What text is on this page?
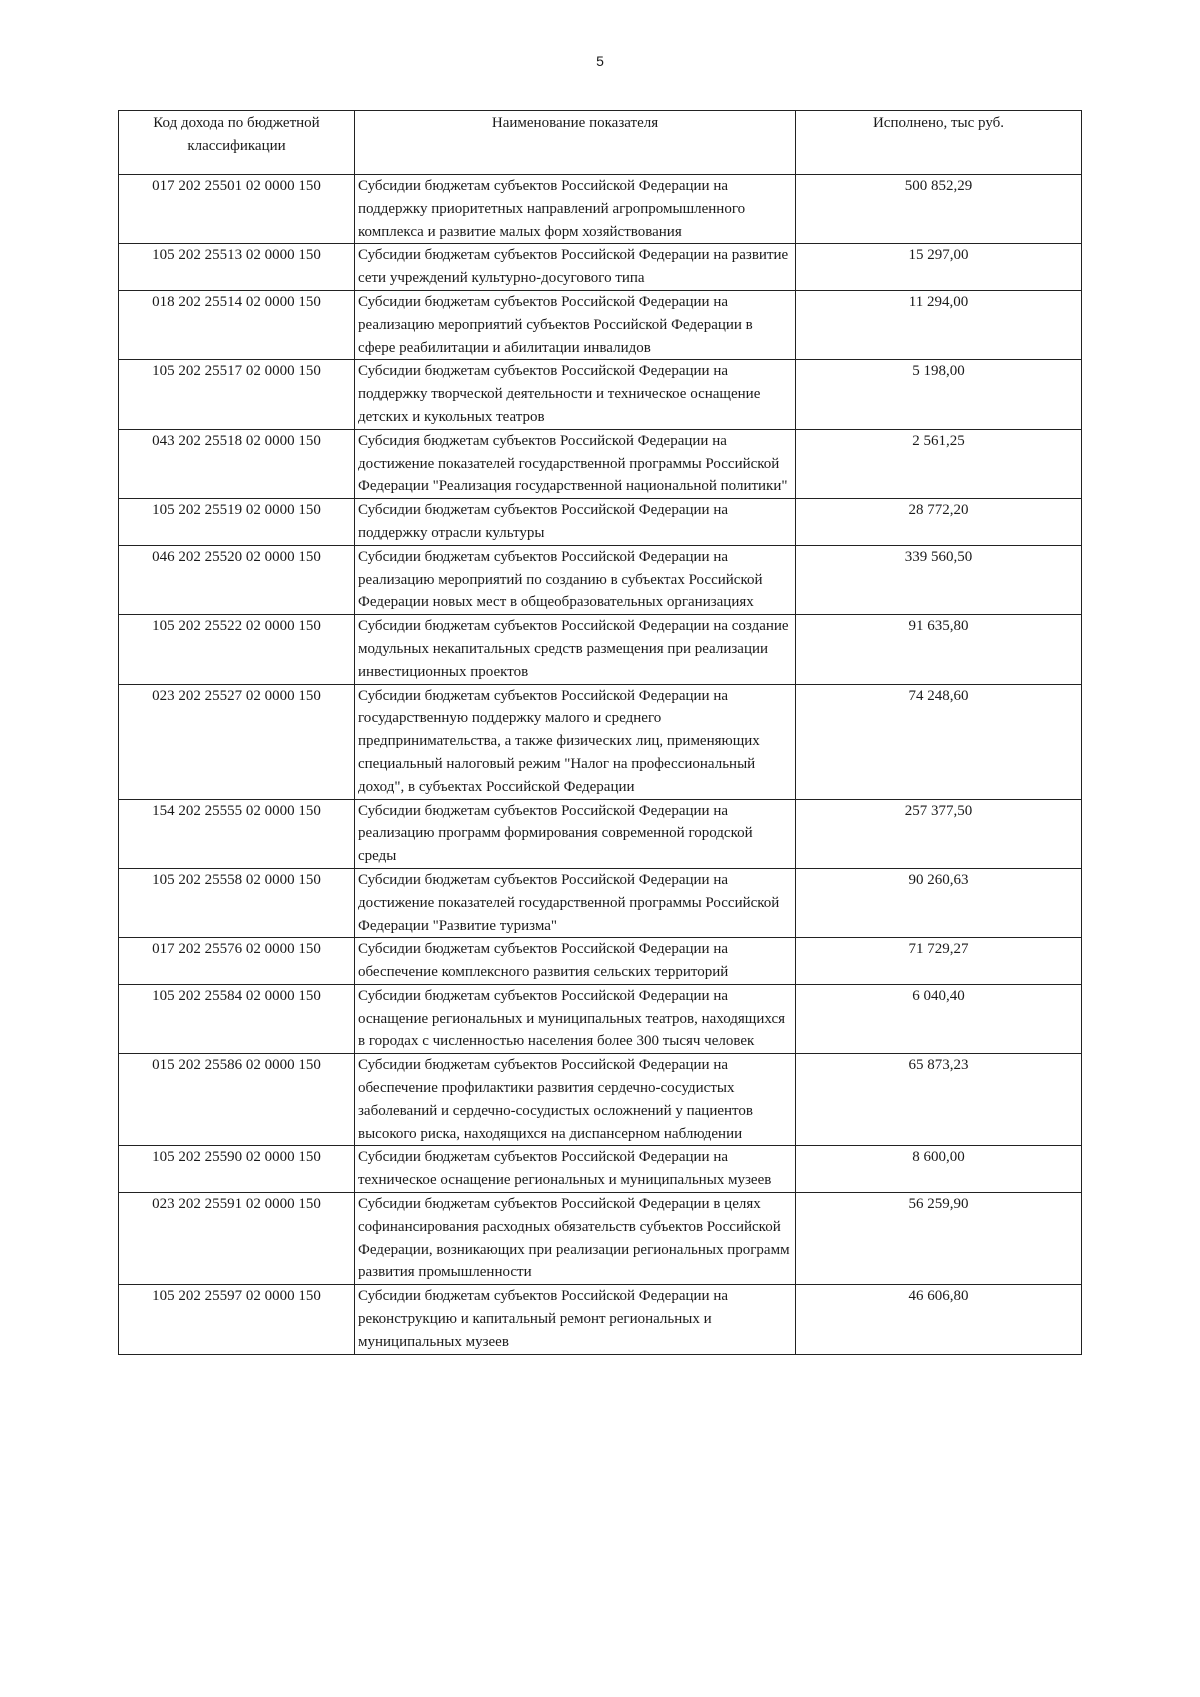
5
Код дохода по бюджетной классификации	Наименование показателя	Исполнено, тыс руб.
017 202 25501 02 0000 150	Субсидии бюджетам субъектов Российской Федерации на поддержку приоритетных направлений агропромышленного комплекса и развитие малых форм хозяйствования	500 852,29
105 202 25513 02 0000 150	Субсидии бюджетам субъектов Российской Федерации на развитие сети учреждений культурно-досугового типа	15 297,00
018 202 25514 02 0000 150	Субсидии бюджетам субъектов Российской Федерации на реализацию мероприятий субъектов Российской Федерации в сфере реабилитации и абилитации инвалидов	11 294,00
105 202 25517 02 0000 150	Субсидии бюджетам субъектов Российской Федерации на поддержку творческой деятельности и техническое оснащение детских и кукольных театров	5 198,00
043 202 25518 02 0000 150	Субсидия бюджетам субъектов Российской Федерации на достижение показателей государственной программы Российской Федерации "Реализация государственной национальной политики"	2 561,25
105 202 25519 02 0000 150	Субсидии бюджетам субъектов Российской Федерации на поддержку отрасли культуры	28 772,20
046 202 25520 02 0000 150	Субсидии бюджетам субъектов Российской Федерации на реализацию мероприятий по созданию в субъектах Российской Федерации новых мест в общеобразовательных организациях	339 560,50
105 202 25522 02 0000 150	Субсидии бюджетам субъектов Российской Федерации на создание модульных некапитальных средств размещения при реализации инвестиционных проектов	91 635,80
023 202 25527 02 0000 150	Субсидии бюджетам субъектов Российской Федерации на государственную поддержку малого и среднего предпринимательства, а также физических лиц, применяющих специальный налоговый режим "Налог на профессиональный доход", в субъектах Российской Федерации	74 248,60
154 202 25555 02 0000 150	Субсидии бюджетам субъектов Российской Федерации на реализацию программ формирования современной городской среды	257 377,50
105 202 25558 02 0000 150	Субсидии бюджетам субъектов Российской Федерации на достижение показателей государственной программы Российской Федерации "Развитие туризма"	90 260,63
017 202 25576 02 0000 150	Субсидии бюджетам субъектов Российской Федерации на обеспечение комплексного развития сельских территорий	71 729,27
105 202 25584 02 0000 150	Субсидии бюджетам субъектов Российской Федерации на оснащение региональных и муниципальных театров, находящихся в городах с численностью населения более 300 тысяч человек	6 040,40
015 202 25586 02 0000 150	Субсидии бюджетам субъектов Российской Федерации на обеспечение профилактики развития сердечно-сосудистых заболеваний и сердечно-сосудистых осложнений у пациентов высокого риска, находящихся на диспансерном наблюдении	65 873,23
105 202 25590 02 0000 150	Субсидии бюджетам субъектов Российской Федерации на техническое оснащение региональных и муниципальных музеев	8 600,00
023 202 25591 02 0000 150	Субсидии бюджетам субъектов Российской Федерации в целях софинансирования расходных обязательств субъектов Российской Федерации, возникающих при реализации региональных программ развития промышленности	56 259,90
105 202 25597 02 0000 150	Субсидии бюджетам субъектов Российской Федерации на реконструкцию и капитальный ремонт региональных и муниципальных музеев	46 606,80
